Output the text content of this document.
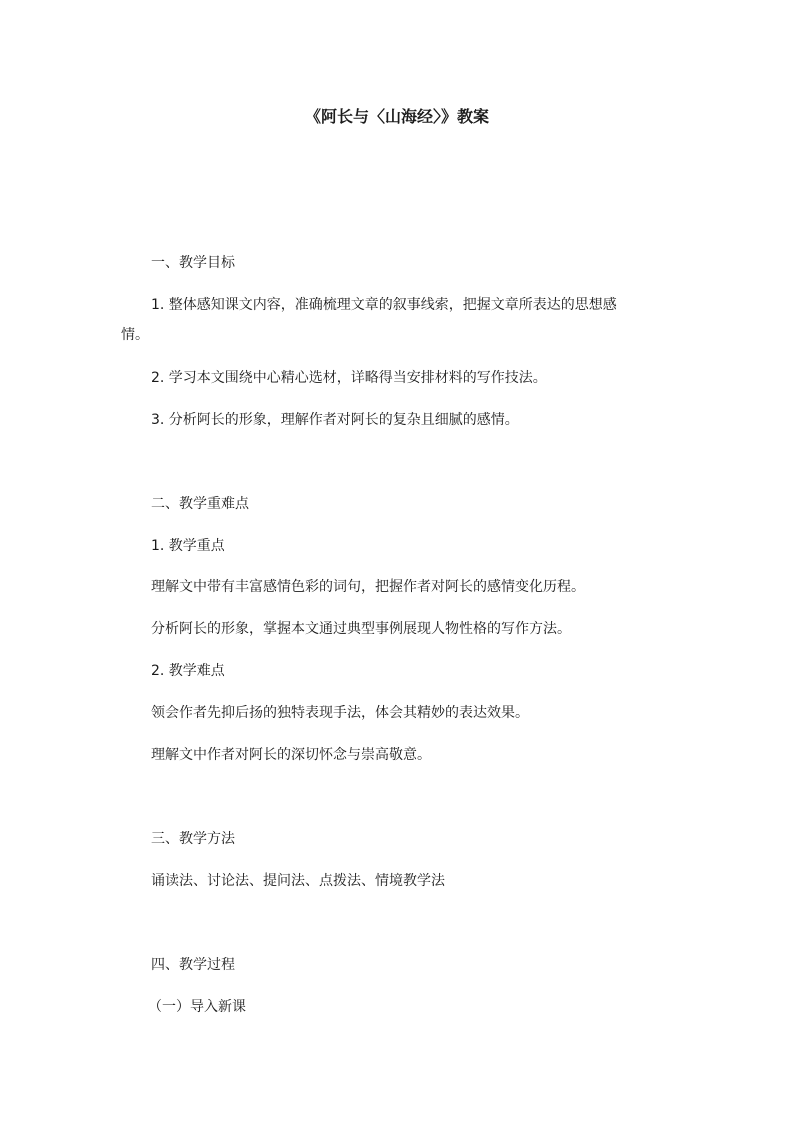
《阿长与〈山海经〉》教案
一、教学目标
1. 整体感知课文内容，准确梳理文章的叙事线索，把握文章所表达的思想感
情。
2. 学习本文围绕中心精心选材，详略得当安排材料的写作技法。
3. 分析阿长的形象，理解作者对阿长的复杂且细腻的感情。
二、教学重难点
1. 教学重点
理解文中带有丰富感情色彩的词句，把握作者对阿长的感情变化历程。
分析阿长的形象，掌握本文通过典型事例展现人物性格的写作方法。
2. 教学难点
领会作者先抑后扬的独特表现手法，体会其精妙的表达效果。
理解文中作者对阿长的深切怀念与崇高敬意。
三、教学方法
诵读法、讨论法、提问法、点拨法、情境教学法
四、教学过程
（一）导入新课
